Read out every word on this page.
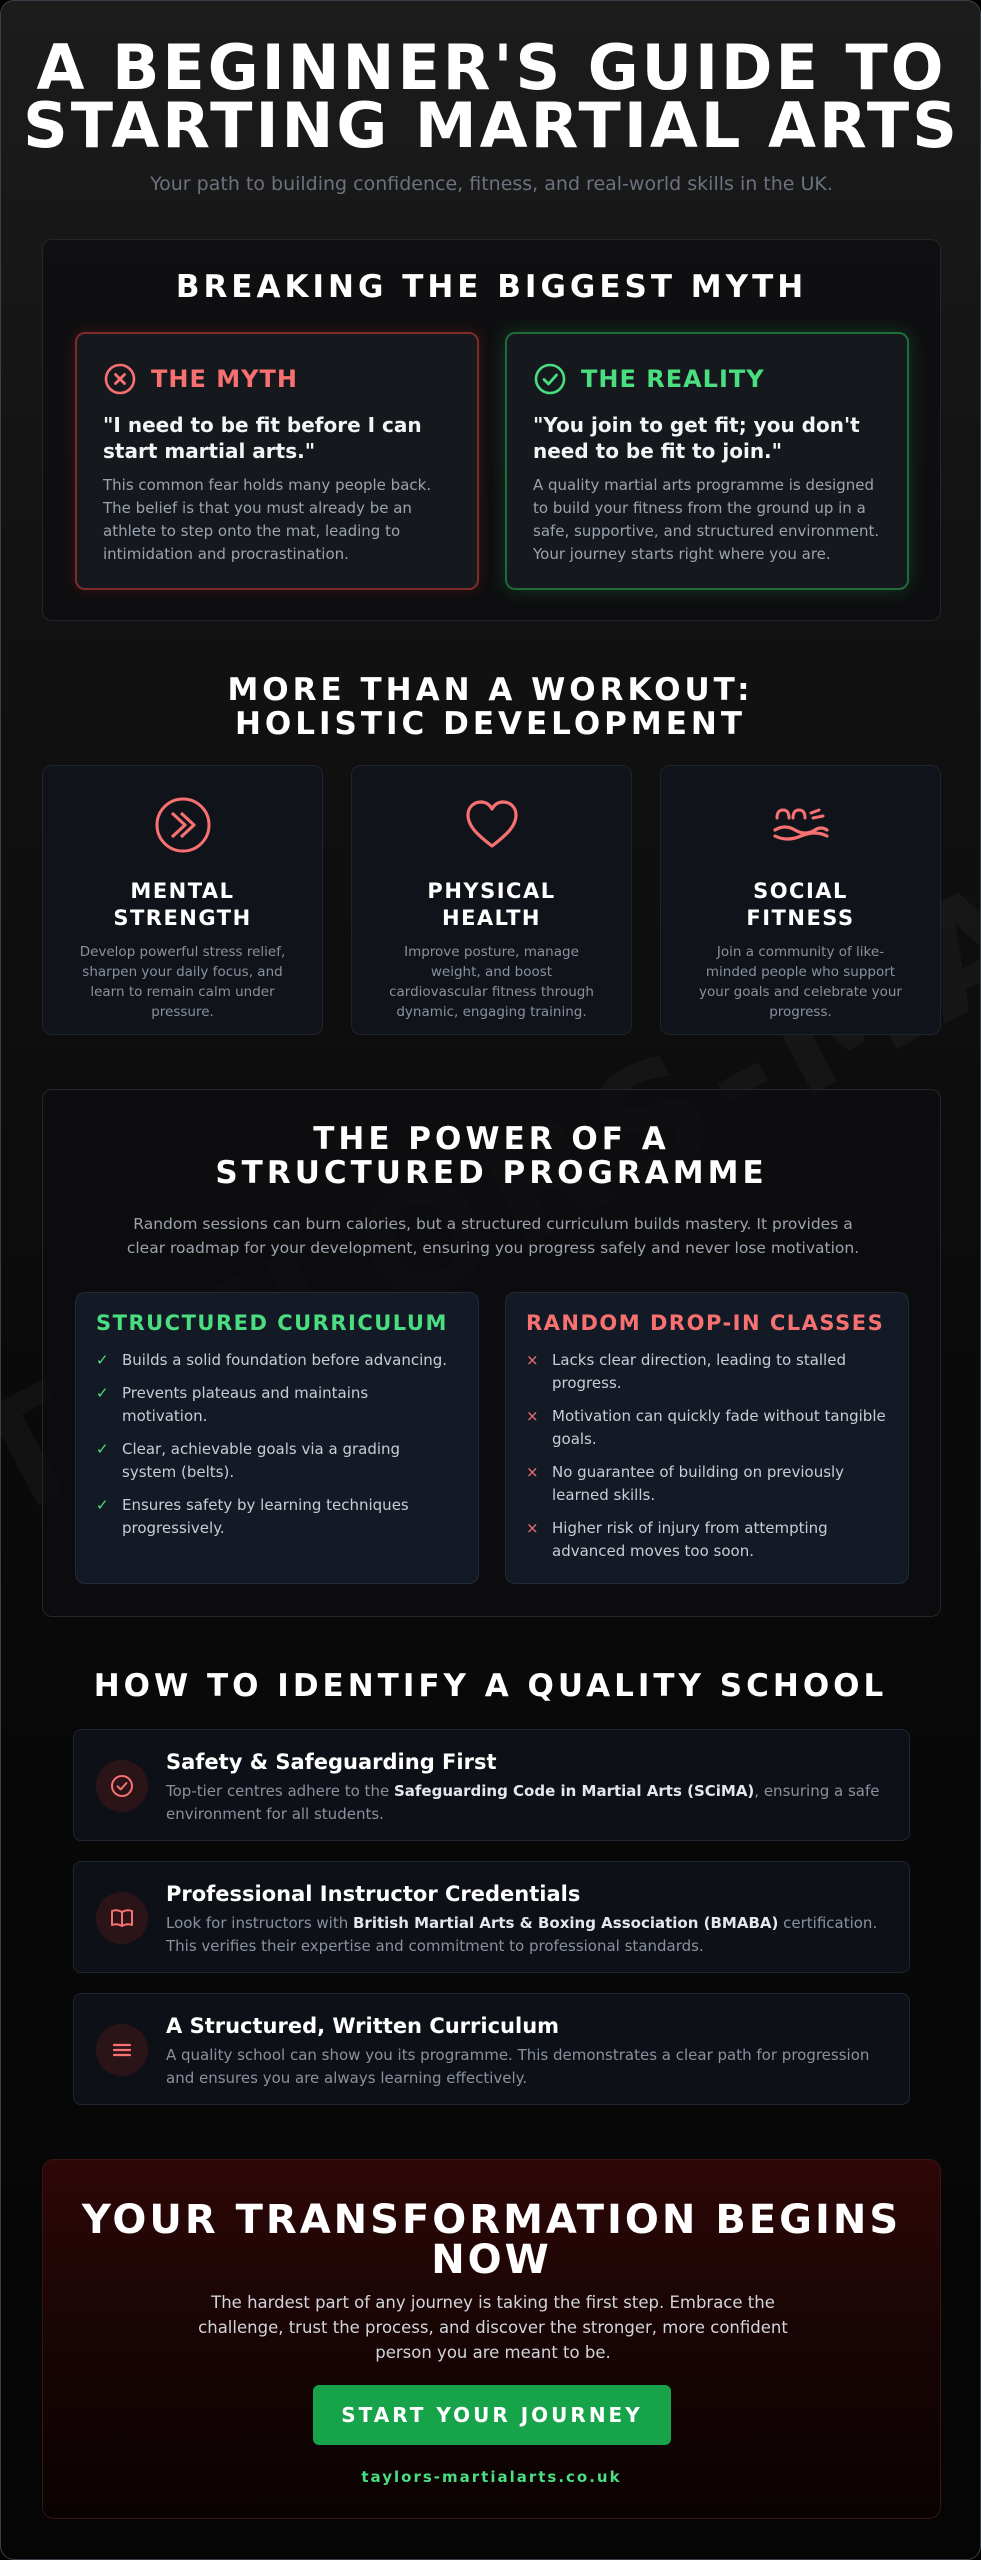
A BEGINNER'S GUIDE TO STARTING MARTIAL ARTS

Your path to building confidence, fitness, and real-world skills in the UK.

BREAKING THE BIGGEST MYTH
THE MYTH
"I need to be fit before I can start martial arts."
This common fear holds many people back. The belief is that you must already be an athlete to step onto the mat, leading to intimidation and procrastination.
THE REALITY
"You join to get fit; you don't need to be fit to join."
A quality martial arts programme is designed to build your fitness from the ground up in a safe, supportive, and structured environment. Your journey starts right where you are.
MORE THAN A WORKOUT: HOLISTIC DEVELOPMENT
MENTAL STRENGTH
Develop powerful stress relief, sharpen your daily focus, and learn to remain calm under pressure.
PHYSICAL HEALTH
Improve posture, manage weight, and boost cardiovascular fitness through dynamic, engaging training.
SOCIAL FITNESS
Join a community of like-minded people who support your goals and celebrate your progress.
THE POWER OF A STRUCTURED PROGRAMME

Random sessions can burn calories, but a structured curriculum builds mastery. It provides a clear roadmap for your development, ensuring you progress safely and never lose motivation.

STRUCTURED CURRICULUM
✓ Builds a solid foundation before advancing.
✓ Prevents plateaus and maintains motivation.
✓ Clear, achievable goals via a grading system (belts).
✓ Ensures safety by learning techniques progressively.
RANDOM DROP-IN CLASSES
× Lacks clear direction, leading to stalled progress.
× Motivation can quickly fade without tangible goals.
× No guarantee of building on previously learned skills.
× Higher risk of injury from attempting advanced moves too soon.
HOW TO IDENTIFY A QUALITY SCHOOL
Safety & Safeguarding First
Top-tier centres adhere to the Safeguarding Code in Martial Arts (SCiMA), ensuring a safe environment for all students.
Professional Instructor Credentials
Look for instructors with British Martial Arts & Boxing Association (BMABA) certification. This verifies their expertise and commitment to professional standards.
A Structured, Written Curriculum
A quality school can show you its programme. This demonstrates a clear path for progression and ensures you are always learning effectively.
YOUR TRANSFORMATION BEGINS NOW

The hardest part of any journey is taking the first step. Embrace the challenge, trust the process, and discover the stronger, more confident person you are meant to be.

START YOUR JOURNEY
taylors-martialarts.co.uk
